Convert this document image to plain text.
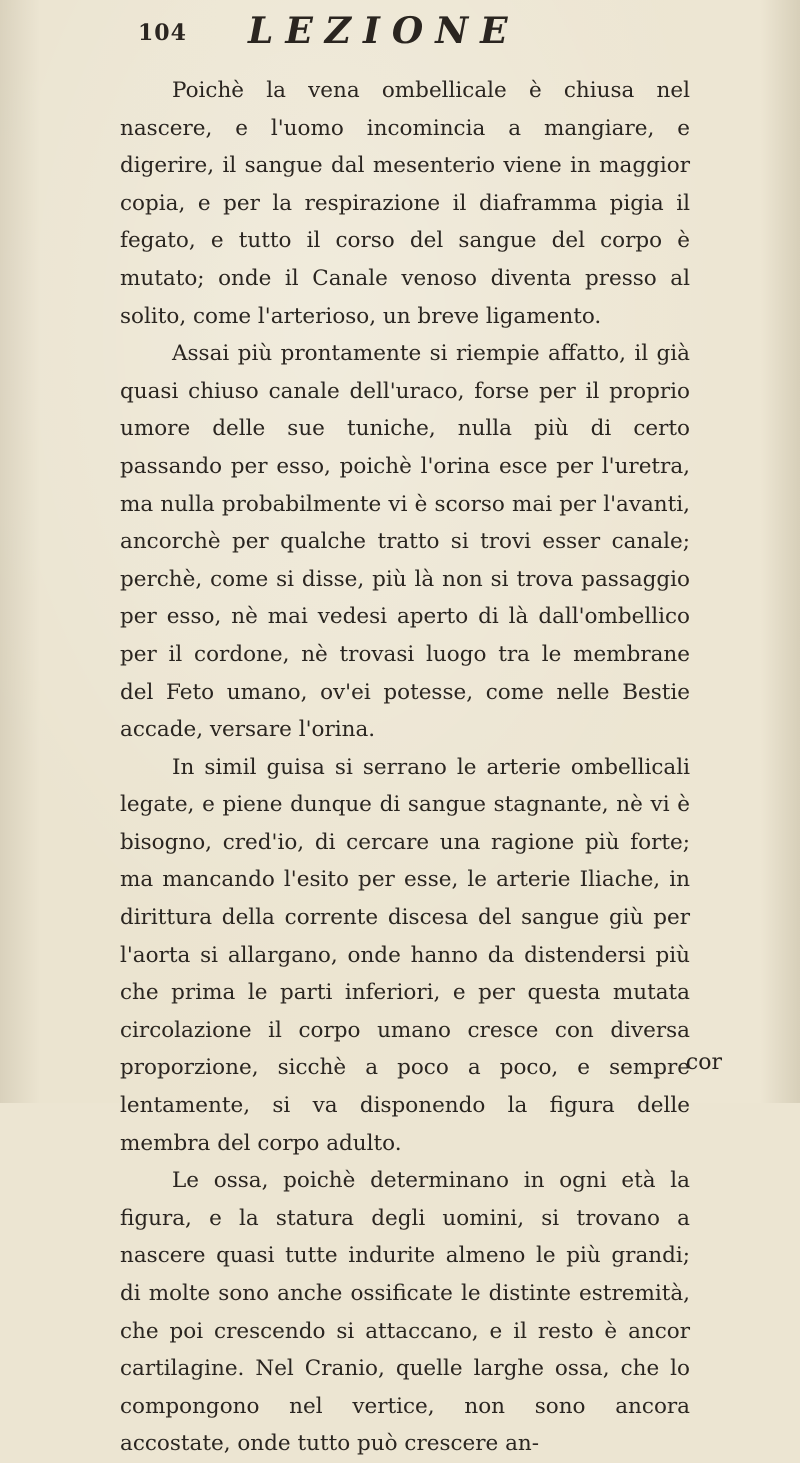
104 LEZIONE

Poichè la vena ombellicale è chiusa nel nascere, e l'uomo incomincia a mangiare, e digerire, il sangue dal mesenterio viene in maggior copia, e per la respirazione il diaframma pigia il fegato, e tutto il corso del sangue del corpo è mutato; onde il Canale venoso diventa presso al solito, come l'arterioso, un breve ligamento.

Assai più prontamente si riempie affatto, il già quasi chiuso canale dell'uraco, forse per il proprio umore delle sue tuniche, nulla più di certo passando per esso, poichè l'orina esce per l'uretra, ma nulla probabilmente vi è scorso mai per l'avanti, ancorchè per qualche tratto si trovi esser canale; perchè, come si disse, più là non si trova passaggio per esso, nè mai vedesi aperto di là dall'ombellico per il cordone, nè trovasi luogo tra le membrane del Feto umano, ov'ei potesse, come nelle Bestie accade, versare l'orina.

In simil guisa si serrano le arterie ombellicali legate, e piene dunque di sangue stagnante, nè vi è bisogno, cred'io, di cercare una ragione più forte; ma mancando l'esito per esse, le arterie Iliache, in dirittura della corrente discesa del sangue giù per l'aorta si allargano, onde hanno da distendersi più che prima le parti inferiori, e per questa mutata circolazione il corpo umano cresce con diversa proporzione, sicchè a poco a poco, e sempre lentamente, si va disponendo la figura delle membra del corpo adulto.

Le ossa, poichè determinano in ogni età la figura, e la statura degli uomini, si trovano a nascere quasi tutte indurite almeno le più grandi; di molte sono anche ossificate le distinte estremità, che poi crescendo si attaccano, e il resto è ancor cartilagine. Nel Cranio, quelle larghe ossa, che lo compongono nel vertice, non sono ancora accostate, onde tutto può crescere an-

cor
